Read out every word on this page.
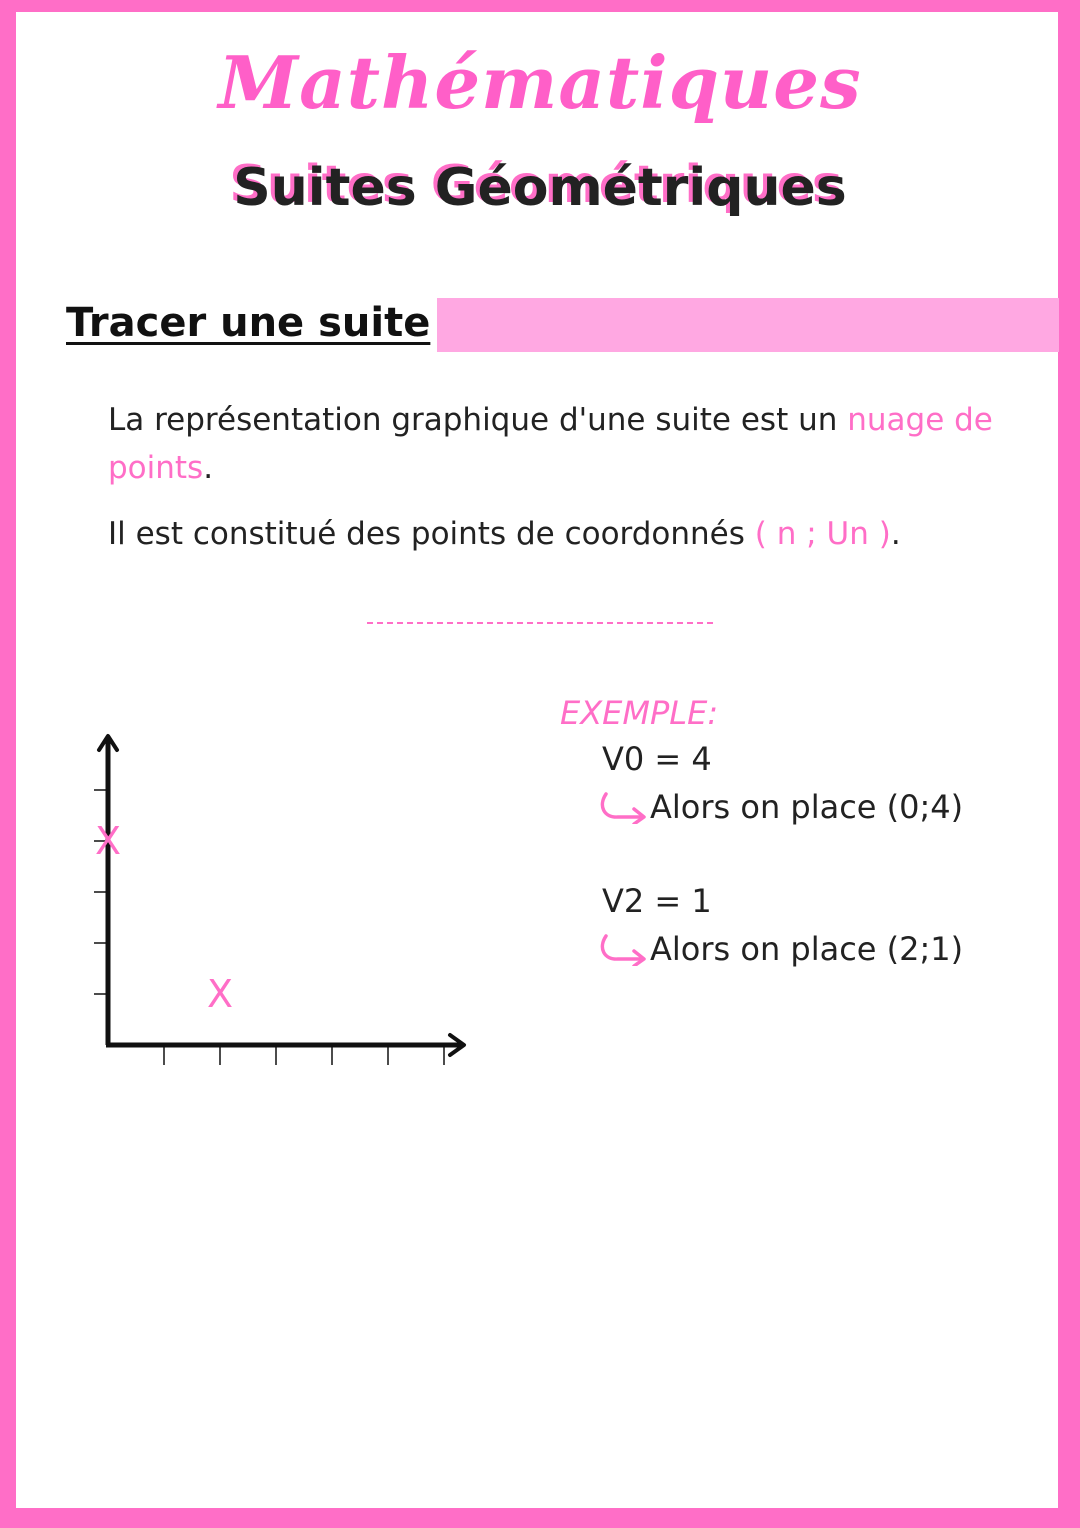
Mathématiques
Suites Géométriques
Tracer une suite
La représentation graphique d'une suite est un nuage de points.
Il est constitué des points de coordonnés ( n ; Un ).
X
X
EXEMPLE:
V0 = 4
Alors on place (0;4)
V2 = 1
Alors on place (2;1)
